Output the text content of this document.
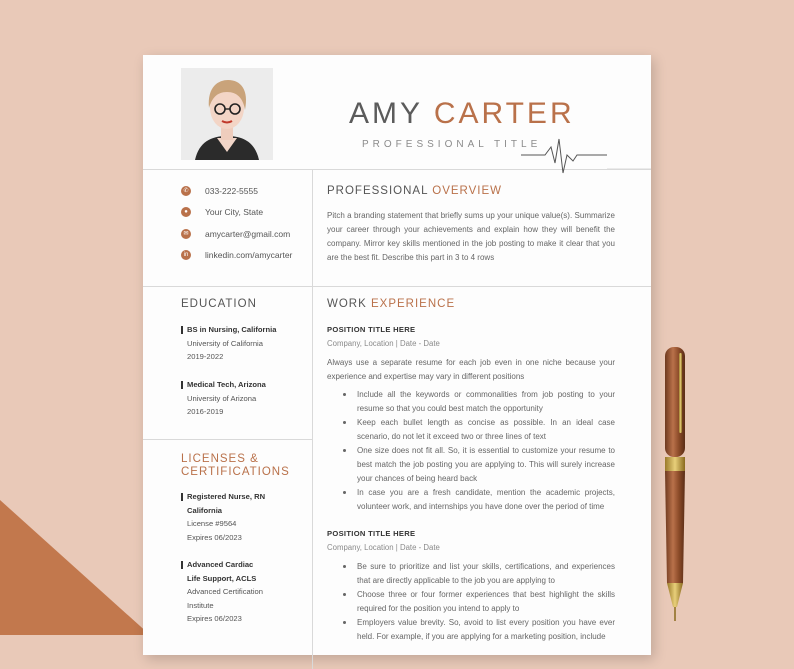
AMY CARTER
PROFESSIONAL TITLE
✆ 033-222-5555
●	Your City, State
✉ amycarter@gmail.com
in	linkedin.com/amycarter
PROFESSIONAL OVERVIEW
Pitch a branding statement that briefly sums up your unique value(s). Summarize your career through your achievements and explain how they will benefit the company. Mirror key skills mentioned in the job posting to make it clear that you are the best fit. Describe this part in 3 to 4 rows
EDUCATION
BS in Nursing, California
University of California
2019-2022
Medical Tech, Arizona
University of Arizona
2016-2019
LICENSES &
CERTIFICATIONS
Registered Nurse, RN
California
License #9564
Expires 06/2023
Advanced Cardiac
Life Support, ACLS
Advanced Certification
Institute
Expires 06/2023
WORK EXPERIENCE
POSITION TITLE HERE
Company, Location | Date - Date
Always use a separate resume for each job even in one niche because your experience and expertise may vary in different positions
Include all the keywords or commonalities from job posting to your resume so that you could best match the opportunity
Keep each bullet length as concise as possible. In an ideal case scenario, do not let it exceed two or three lines of text
One size does not fit all. So, it is essential to customize your resume to best match the job posting you are applying to. This will surely increase your chances of being heard back
In case you are a fresh candidate, mention the academic projects, volunteer work, and internships you have done over the period of time
POSITION TITLE HERE
Company, Location | Date - Date
Be sure to prioritize and list your skills, certifications, and experiences that are directly applicable to the job you are applying to
Choose three or four former experiences that best highlight the skills required for the position you intend to apply to
Employers value brevity. So, avoid to list every position you have ever held. For example, if you are applying for a marketing position, include
